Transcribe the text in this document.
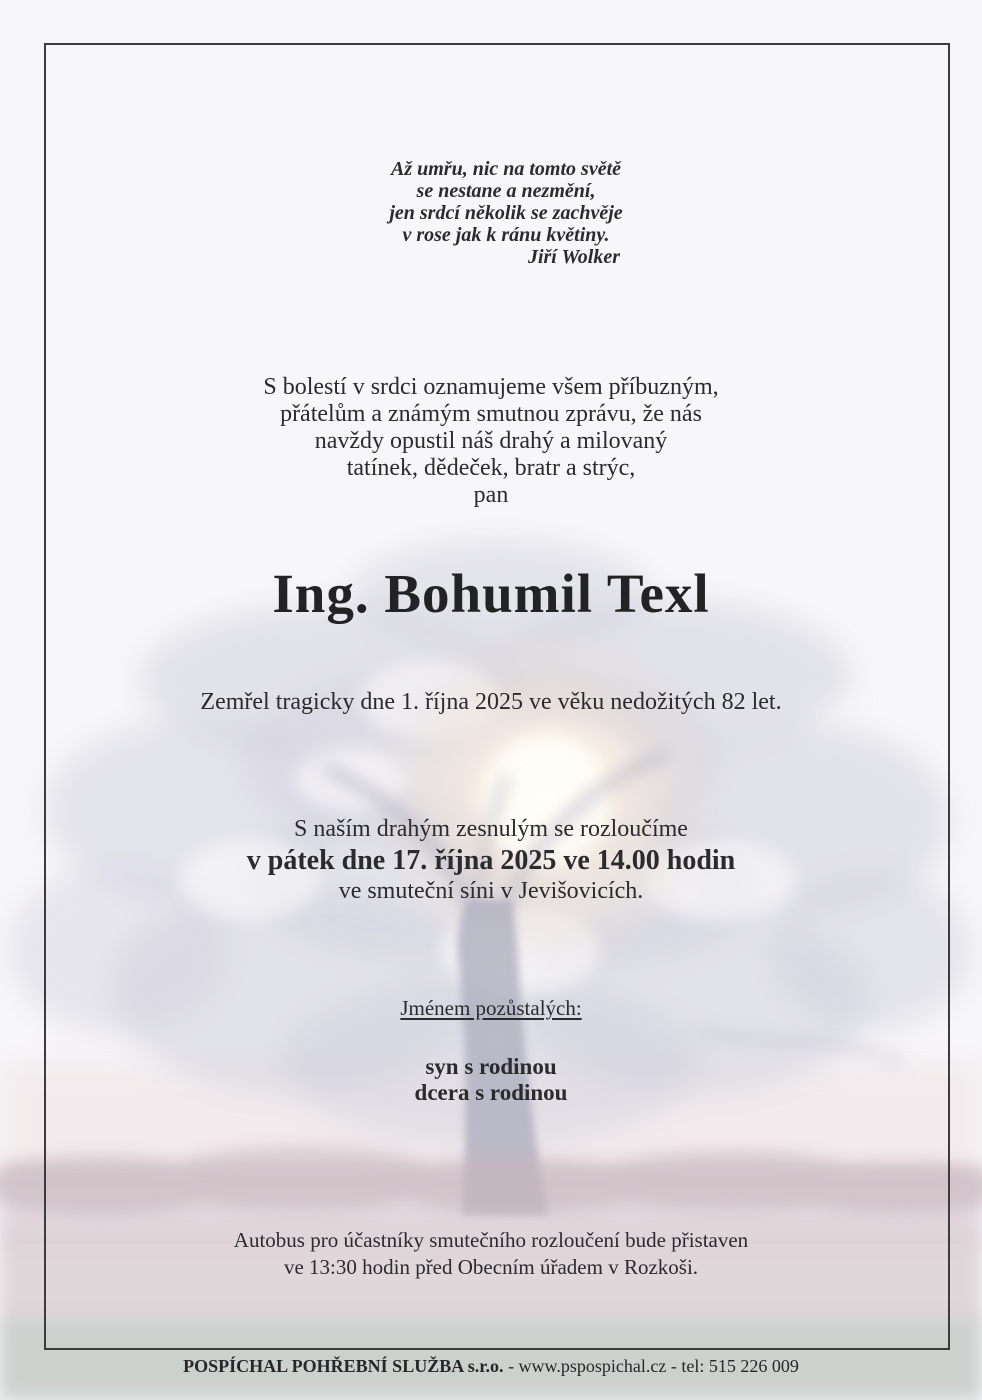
Až umřu, nic na tomto světě
se nestane a nezmění,
jen srdcí několik se zachvěje
v rose jak k ránu květiny.
Jiří Wolker
S bolestí v srdci oznamujeme všem příbuzným,
přátelům a známým smutnou zprávu, že nás
navždy opustil náš drahý a milovaný
tatínek, dědeček, bratr a strýc,
pan
Ing. Bohumil Texl
Zemřel tragicky dne 1. října 2025 ve věku nedožitých 82 let.
S naším drahým zesnulým se rozloučíme
v pátek dne 17. října 2025 ve 14.00 hodin
ve smuteční síni v Jevišovicích.
Jménem pozůstalých:
syn s rodinou
dcera s rodinou
Autobus pro účastníky smutečního rozloučení bude přistaven
ve 13:30 hodin před Obecním úřadem v Rozkoši.
POSPÍCHAL POHŘEBNÍ SLUŽBA s.r.o. - www.pspospichal.cz - tel: 515 226 009
